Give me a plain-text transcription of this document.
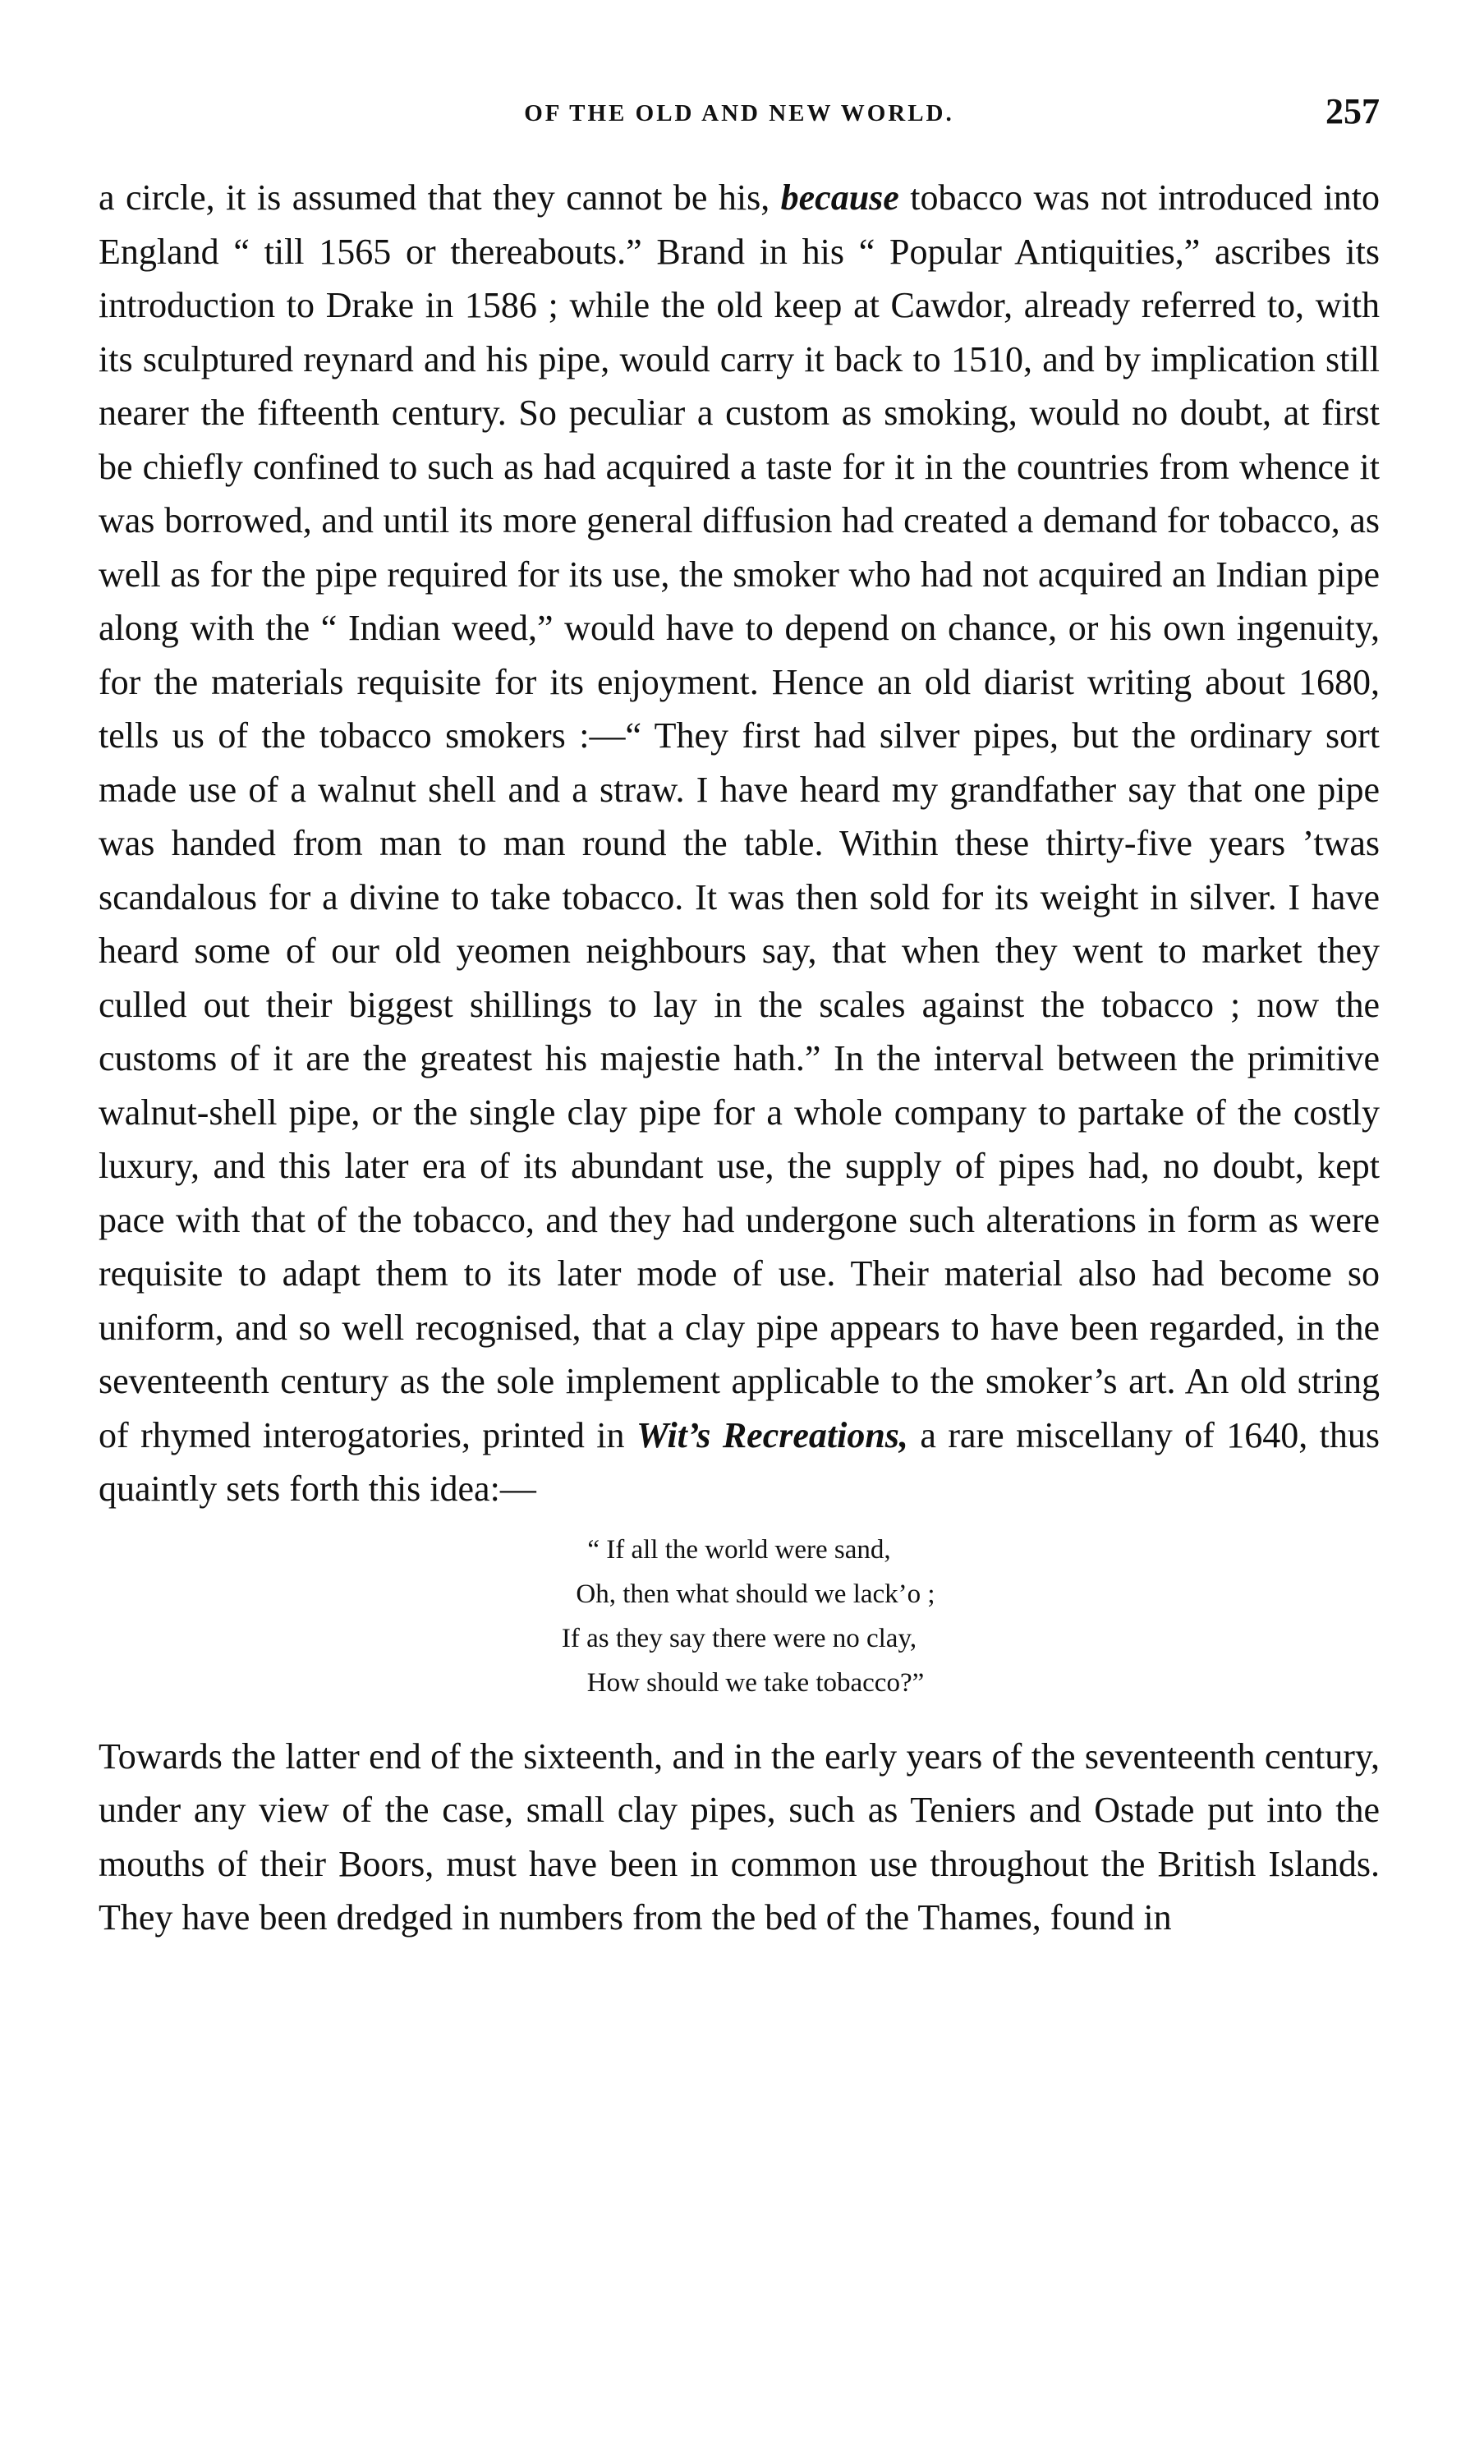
OF THE OLD AND NEW WORLD.	257

a circle, it is assumed that they cannot be his, because tobacco was not introduced into England “ till 1565 or thereabouts.” Brand in his “ Popular Antiquities,” ascribes its introduction to Drake in 1586 ; while the old keep at Cawdor, already referred to, with its sculptured reynard and his pipe, would carry it back to 1510, and by implication still nearer the fifteenth century. So peculiar a custom as smoking, would no doubt, at first be chiefly confined to such as had acquired a taste for it in the countries from whence it was borrowed, and until its more general diffusion had created a demand for tobacco, as well as for the pipe required for its use, the smoker who had not acquired an Indian pipe along with the “ Indian weed,” would have to depend on chance, or his own ingenuity, for the materials requisite for its enjoyment. Hence an old diarist writing about 1680, tells us of the tobacco smokers :—“ They first had silver pipes, but the ordinary sort made use of a walnut shell and a straw. I have heard my grandfather say that one pipe was handed from man to man round the table. Within these thirty-five years ’twas scandalous for a divine to take tobacco. It was then sold for its weight in silver. I have heard some of our old yeomen neighbours say, that when they went to market they culled out their biggest shillings to lay in the scales against the tobacco ; now the customs of it are the greatest his majestie hath.” In the interval between the primitive walnut-shell pipe, or the single clay pipe for a whole company to partake of the costly luxury, and this later era of its abundant use, the supply of pipes had, no doubt, kept pace with that of the tobacco, and they had undergone such alterations in form as were requisite to adapt them to its later mode of use. Their material also had become so uniform, and so well recognised, that a clay pipe appears to have been regarded, in the seventeenth century as the sole implement applicable to the smoker’s art. An old string of rhymed interogatories, printed in Wit’s Recreations, a rare miscellany of 1640, thus quaintly sets forth this idea:—

“ If all the world were sand,
Oh, then what should we lack’o ;
If as they say there were no clay,
How should we take tobacco?”

Towards the latter end of the sixteenth, and in the early years of the seventeenth century, under any view of the case, small clay pipes, such as Teniers and Ostade put into the mouths of their Boors, must have been in common use throughout the British Islands. They have been dredged in numbers from the bed of the Thames, found in
